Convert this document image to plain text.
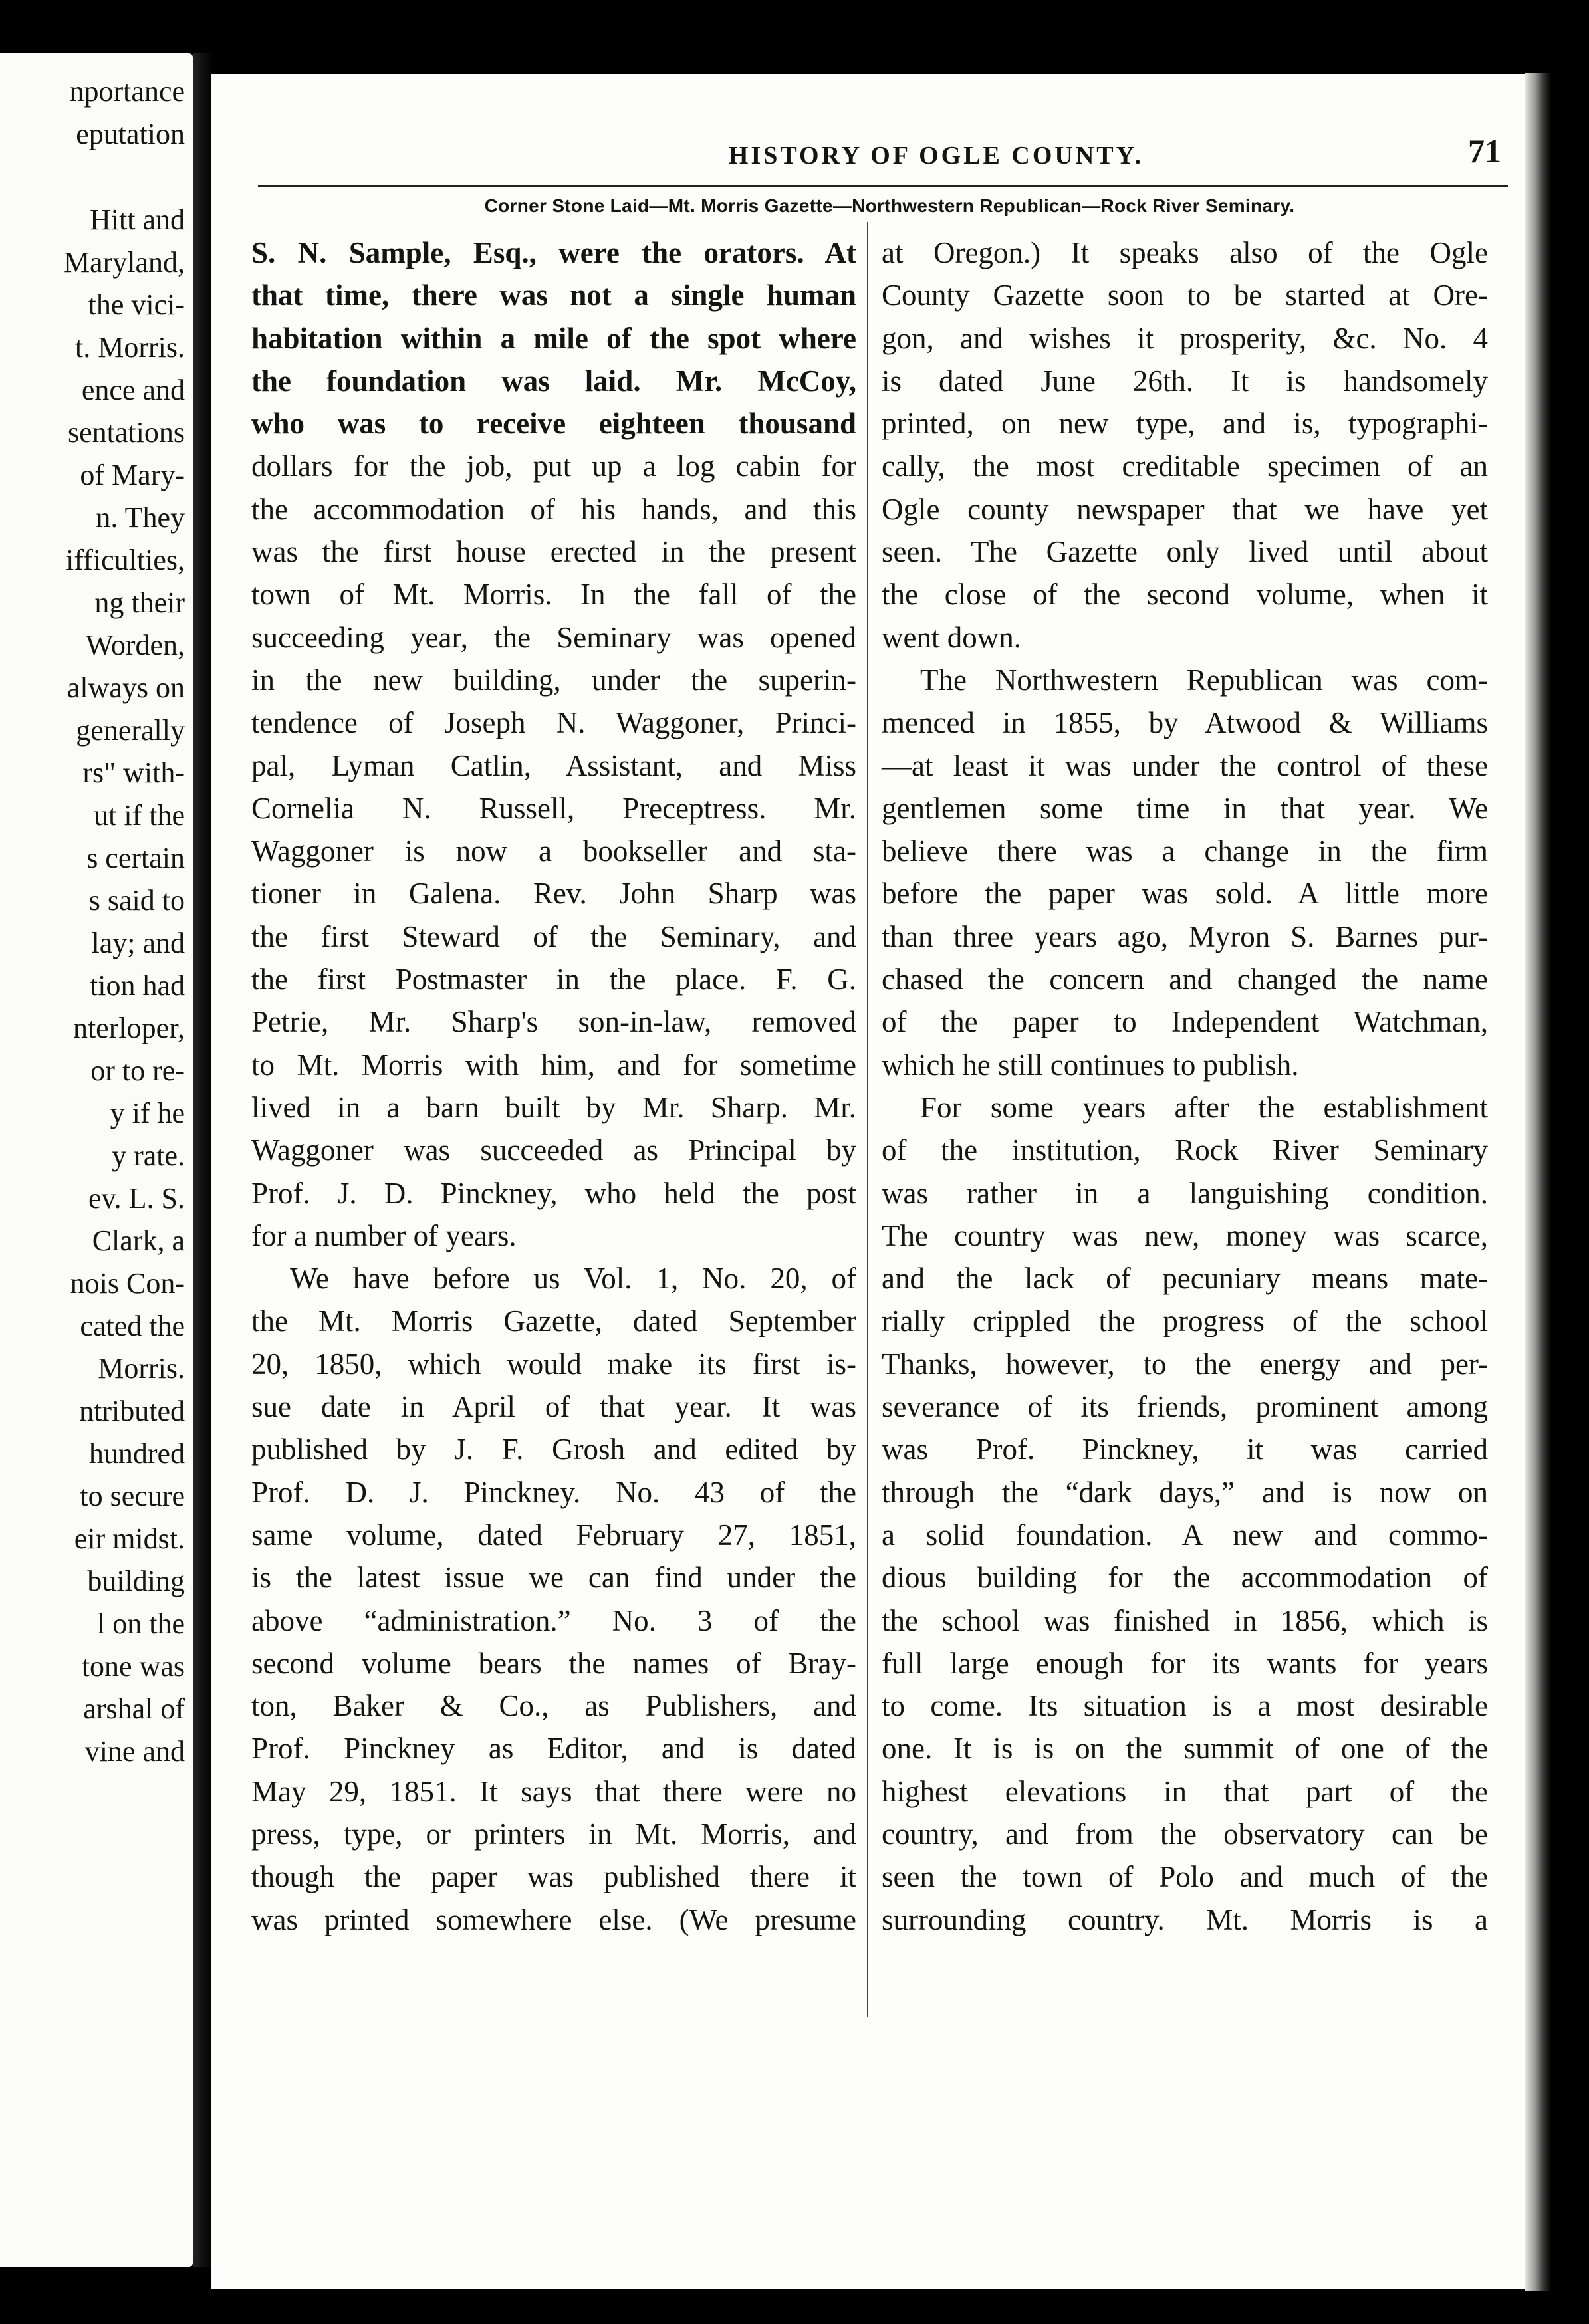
nportance
eputation
Hitt and
Maryland,
the vici-
t. Morris.
ence and
sentations
of Mary-
n. They
ifficulties,
ng their
Worden,
always on
generally
rs" with-
ut if the
s certain
s said to
lay; and
tion had
nterloper,
or to re-
y if he
y rate.
ev. L. S.
Clark, a
nois Con-
cated the
Morris.
ntributed
hundred
to secure
eir midst.
building
l on the
tone was
arshal of
vine and
HISTORY OF OGLE COUNTY.	71
Corner Stone Laid—Mt. Morris Gazette—Northwestern Republican—Rock River Seminary.
S. N. Sample, Esq., were the orators. At
that time, there was not a single human
habitation within a mile of the spot where
the foundation was laid. Mr. McCoy,
who was to receive eighteen thousand
dollars for the job, put up a log cabin for
the accommodation of his hands, and this
was the first house erected in the present
town of Mt. Morris. In the fall of the
succeeding year, the Seminary was opened
in the new building, under the superin-
tendence of Joseph N. Waggoner, Princi-
pal, Lyman Catlin, Assistant, and Miss
Cornelia N. Russell, Preceptress. Mr.
Waggoner is now a bookseller and sta-
tioner in Galena. Rev. John Sharp was
the first Steward of the Seminary, and
the first Postmaster in the place. F. G.
Petrie, Mr. Sharp's son-in-law, removed
to Mt. Morris with him, and for sometime
lived in a barn built by Mr. Sharp. Mr.
Waggoner was succeeded as Principal by
Prof. J. D. Pinckney, who held the post
for a number of years.
We have before us Vol. 1, No. 20, of
the Mt. Morris Gazette, dated September
20, 1850, which would make its first is-
sue date in April of that year. It was
published by J. F. Grosh and edited by
Prof. D. J. Pinckney. No. 43 of the
same volume, dated February 27, 1851,
is the latest issue we can find under the
above “administration.” No. 3 of the
second volume bears the names of Bray-
ton, Baker & Co., as Publishers, and
Prof. Pinckney as Editor, and is dated
May 29, 1851. It says that there were no
press, type, or printers in Mt. Morris, and
though the paper was published there it
was printed somewhere else. (We presume
at Oregon.) It speaks also of the Ogle
County Gazette soon to be started at Ore-
gon, and wishes it prosperity, &c. No. 4
is dated June 26th. It is handsomely
printed, on new type, and is, typographi-
cally, the most creditable specimen of an
Ogle county newspaper that we have yet
seen. The Gazette only lived until about
the close of the second volume, when it
went down.
The Northwestern Republican was com-
menced in 1855, by Atwood & Williams
—at least it was under the control of these
gentlemen some time in that year. We
believe there was a change in the firm
before the paper was sold. A little more
than three years ago, Myron S. Barnes pur-
chased the concern and changed the name
of the paper to Independent Watchman,
which he still continues to publish.
For some years after the establishment
of the institution, Rock River Seminary
was rather in a languishing condition.
The country was new, money was scarce,
and the lack of pecuniary means mate-
rially crippled the progress of the school
Thanks, however, to the energy and per-
severance of its friends, prominent among
was Prof. Pinckney, it was carried
through the “dark days,” and is now on
a solid foundation. A new and commo-
dious building for the accommodation of
the school was finished in 1856, which is
full large enough for its wants for years
to come. Its situation is a most desirable
one. It is is on the summit of one of the
highest elevations in that part of the
country, and from the observatory can be
seen the town of Polo and much of the
surrounding country. Mt. Morris is a
